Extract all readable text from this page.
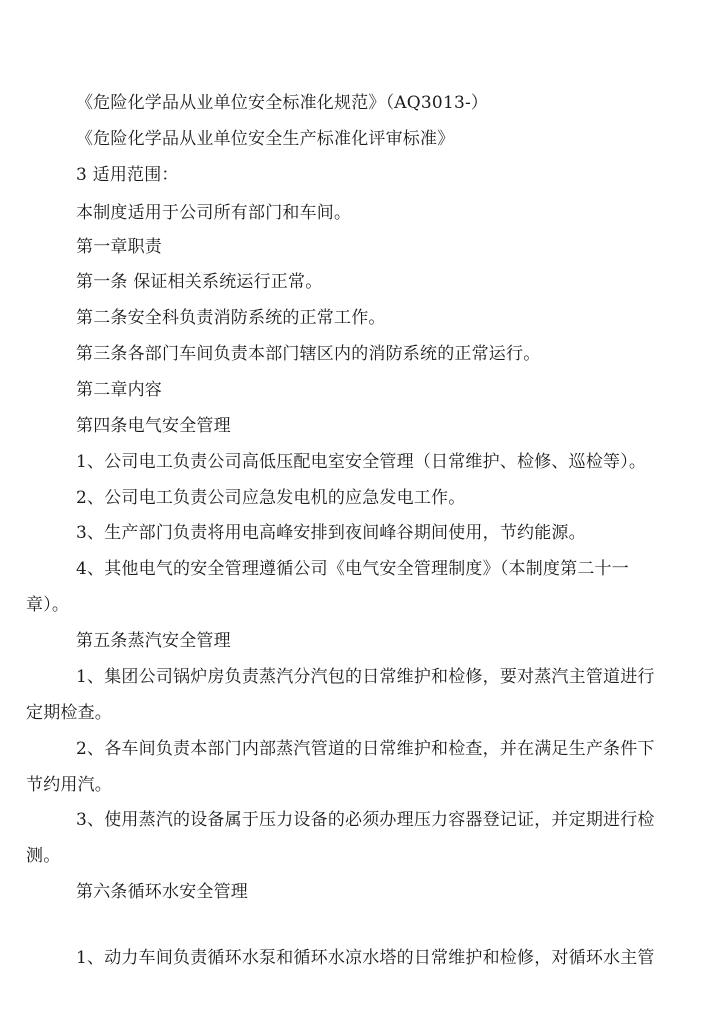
《危险化学品从业单位安全标准化规范》（AQ3013-）
《危险化学品从业单位安全生产标准化评审标准》
3 适用范围：
本制度适用于公司所有部门和车间。
第一章职责
第一条 保证相关系统运行正常。
第二条安全科负责消防系统的正常工作。
第三条各部门车间负责本部门辖区内的消防系统的正常运行。
第二章内容
第四条电气安全管理
1、公司电工负责公司高低压配电室安全管理（日常维护、检修、巡检等）。
2、公司电工负责公司应急发电机的应急发电工作。
3、生产部门负责将用电高峰安排到夜间峰谷期间使用，节约能源。
4、其他电气的安全管理遵循公司《电气安全管理制度》（本制度第二十一
章）。
第五条蒸汽安全管理
1、集团公司锅炉房负责蒸汽分汽包的日常维护和检修，要对蒸汽主管道进行
定期检查。
2、各车间负责本部门内部蒸汽管道的日常维护和检查，并在满足生产条件下
节约用汽。
3、使用蒸汽的设备属于压力设备的必须办理压力容器登记证，并定期进行检
测。
第六条循环水安全管理
1、动力车间负责循环水泵和循环水凉水塔的日常维护和检修，对循环水主管
